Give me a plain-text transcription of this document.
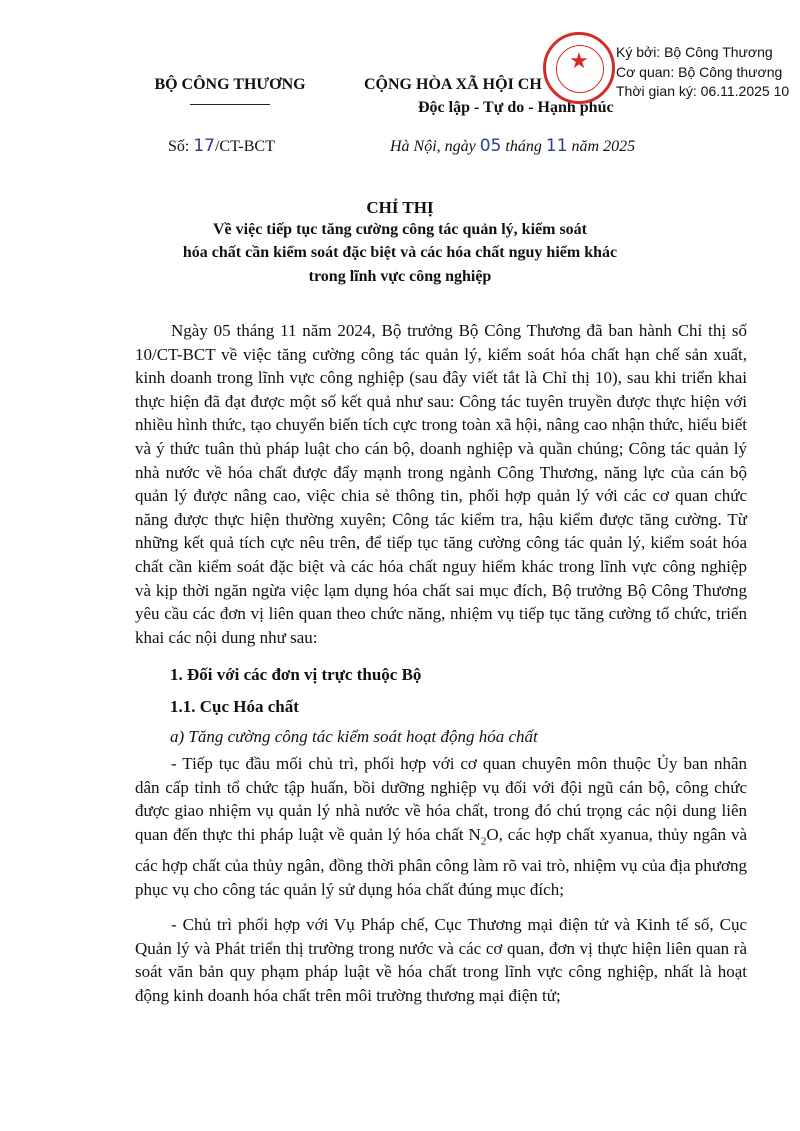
BỘ CÔNG THƯƠNG	CỘNG HÒA XÃ HỘI CH
Độc lập - Tự do - Hạnh phúc
★	Ký bởi: Bộ Công Thương
Cơ quan: Bộ Công thương
Thời gian ký: 06.11.2025 10
Số: 17/CT-BCT	Hà Nội, ngày 05 tháng 11 năm 2025
CHỈ THỊ
Về việc tiếp tục tăng cường công tác quản lý, kiểm soát
hóa chất cần kiểm soát đặc biệt và các hóa chất nguy hiểm khác
trong lĩnh vực công nghiệp

Ngày 05 tháng 11 năm 2024, Bộ trưởng Bộ Công Thương đã ban hành Chỉ thị số 10/CT-BCT về việc tăng cường công tác quản lý, kiểm soát hóa chất hạn chế sản xuất, kinh doanh trong lĩnh vực công nghiệp (sau đây viết tắt là Chỉ thị 10), sau khi triển khai thực hiện đã đạt được một số kết quả như sau: Công tác tuyên truyền được thực hiện với nhiều hình thức, tạo chuyển biến tích cực trong toàn xã hội, nâng cao nhận thức, hiểu biết và ý thức tuân thủ pháp luật cho cán bộ, doanh nghiệp và quần chúng; Công tác quản lý nhà nước về hóa chất được đẩy mạnh trong ngành Công Thương, năng lực của cán bộ quản lý được nâng cao, việc chia sẻ thông tin, phối hợp quản lý với các cơ quan chức năng được thực hiện thường xuyên; Công tác kiểm tra, hậu kiểm được tăng cường. Từ những kết quả tích cực nêu trên, để tiếp tục tăng cường công tác quản lý, kiểm soát hóa chất cần kiểm soát đặc biệt và các hóa chất nguy hiểm khác trong lĩnh vực công nghiệp và kịp thời ngăn ngừa việc lạm dụng hóa chất sai mục đích, Bộ trưởng Bộ Công Thương yêu cầu các đơn vị liên quan theo chức năng, nhiệm vụ tiếp tục tăng cường tổ chức, triển khai các nội dung như sau:

1. Đối với các đơn vị trực thuộc Bộ
1.1. Cục Hóa chất
a) Tăng cường công tác kiểm soát hoạt động hóa chất

- Tiếp tục đầu mối chủ trì, phối hợp với cơ quan chuyên môn thuộc Ủy ban nhân dân cấp tỉnh tổ chức tập huấn, bồi dưỡng nghiệp vụ đối với đội ngũ cán bộ, công chức được giao nhiệm vụ quản lý nhà nước về hóa chất, trong đó chú trọng các nội dung liên quan đến thực thi pháp luật về quản lý hóa chất $N_2O$, các hợp chất xyanua, thủy ngân và các hợp chất của thủy ngân, đồng thời phân công làm rõ vai trò, nhiệm vụ của địa phương phục vụ cho công tác quản lý sử dụng hóa chất đúng mục đích;

- Chủ trì phối hợp với Vụ Pháp chế, Cục Thương mại điện tử và Kinh tế số, Cục Quản lý và Phát triển thị trường trong nước và các cơ quan, đơn vị thực hiện liên quan rà soát văn bản quy phạm pháp luật về hóa chất trong lĩnh vực công nghiệp, nhất là hoạt động kinh doanh hóa chất trên môi trường thương mại điện tử;
